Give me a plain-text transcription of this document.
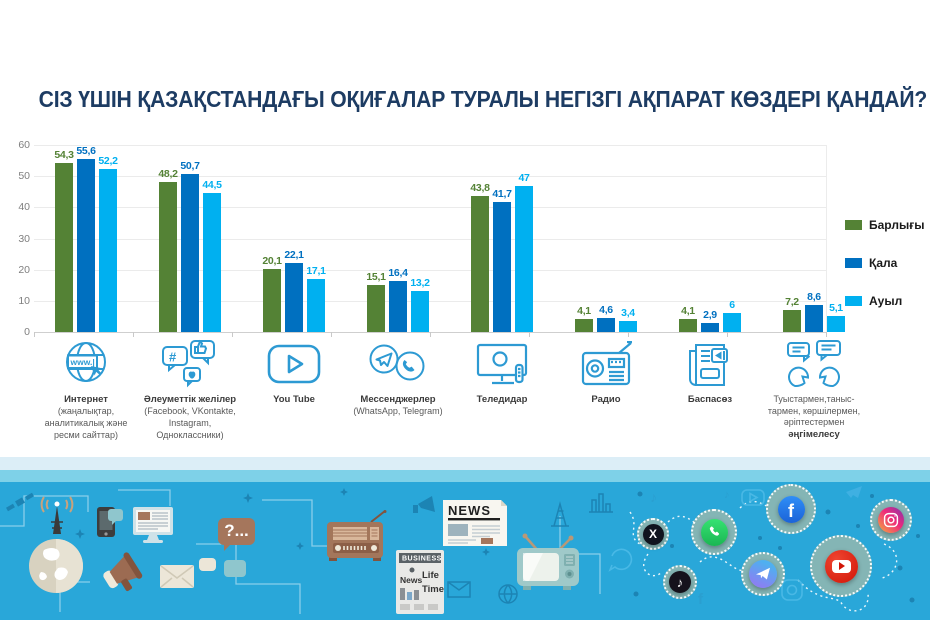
СІЗ ҮШІН ҚАЗАҚСТАНДАҒЫ ОҚИҒАЛАР ТУРАЛЫ НЕГІЗГІ АҚПАРАТ КӨЗДЕРІ ҚАНДАЙ?
0
10
20
30
40
50
60
54,3 55,6
52,2
www.|
Интернет
(жаңалықтар, аналитикалық және ресми сайттар)
48,2
50,7
44,5
#
Әлеуметтік желілер
(Facebook, VKontakte, Instagram, Одноклассники)
20,1
22,1
17,1
You Tube
15,1 16,4
13,2
Мессенджерлер
(WhatsApp, Telegram)
43,8
41,7
47
Теледидар
4,1 4,6 3,4
Радио
4,1 2,9
6
Баспасөз
7,2 8,6
5,1
Туыстармен,таныс- тармен, көршілермен, әріптестермен
әңгімелесу
Барлығы
Қала
Ауыл
♪
f
♪
?...
NEWS
BUSINESS
News Life
Time
X
f
♪
